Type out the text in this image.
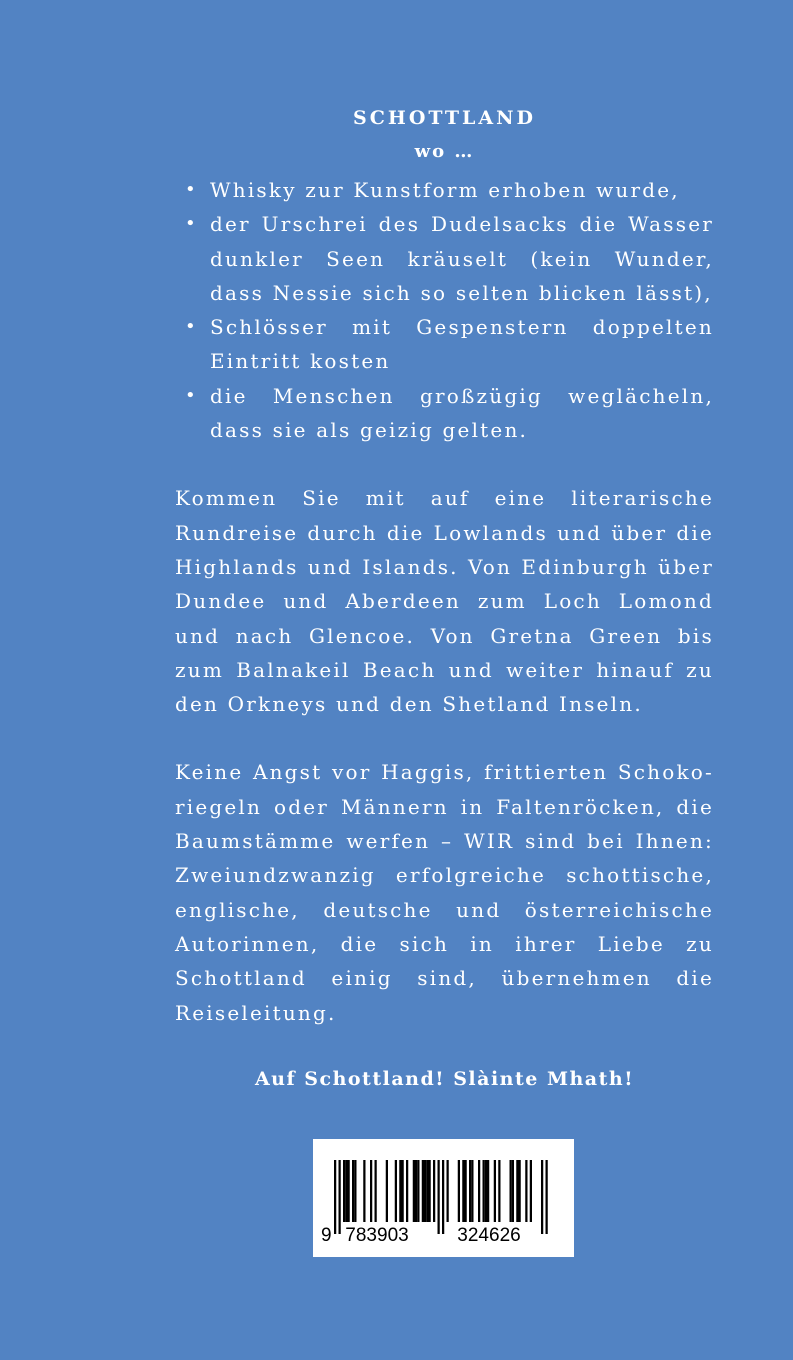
SCHOTTLAND
wo …
• Whisky zur Kunstform erhoben wurde,
• der Urschrei des Dudelsacks die Wasser dunkler Seen kräuselt (kein Wunder, dass Nessie sich so selten blicken lässt),
• Schlösser mit Gespenstern doppelten Eintritt kosten
• die Menschen großzügig weglächeln, dass sie als geizig gelten.

Kommen Sie mit auf eine literarische Rundreise durch die Lowlands und über die Highlands und Islands. Von Edinburgh über Dundee und Aberdeen zum Loch Lomond und nach Glencoe. Von Gretna Green bis zum Balnakeil Beach und weiter hinauf zu den Orkneys und den Shetland Inseln.

Keine Angst vor Haggis, frittierten Schoko-riegeln oder Männern in Faltenröcken, die Baumstämme werfen – WIR sind bei Ihnen: Zweiundzwanzig erfolgreiche schottische, englische, deutsche und österreichische Autorinnen, die sich in ihrer Liebe zu Schottland einig sind, übernehmen die Reiseleitung.

Auf Schottland! Slàinte Mhath!

9 783903	324626
